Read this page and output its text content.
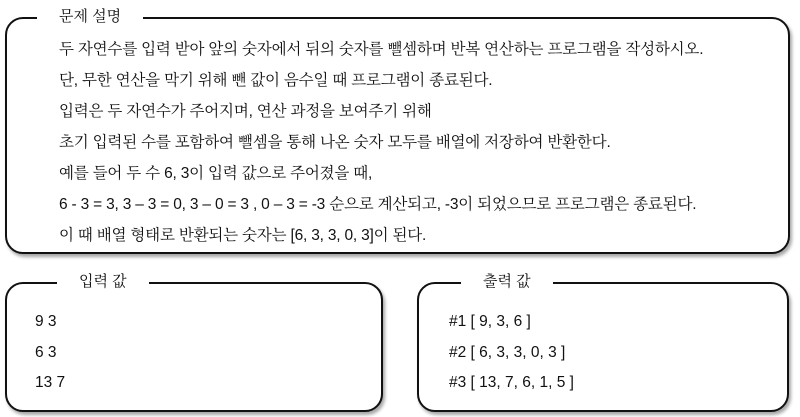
문제 설명
두 자연수를 입력 받아 앞의 숫자에서 뒤의 숫자를 뺄셈하며 반복 연산하는 프로그램을 작성하시오.
단, 무한 연산을 막기 위해 뺀 값이 음수일 때 프로그램이 종료된다.
입력은 두 자연수가 주어지며, 연산 과정을 보여주기 위해
초기 입력된 수를 포함하여 뺄셈을 통해 나온 숫자 모두를 배열에 저장하여 반환한다.
예를 들어 두 수 6, 3이 입력 값으로 주어졌을 때,
6 - 3 = 3, 3 – 3 = 0, 3 – 0 = 3 , 0 – 3 = -3 순으로 계산되고, -3이 되었으므로 프로그램은 종료된다.
이 때 배열 형태로 반환되는 숫자는 [6, 3, 3, 0, 3]이 된다.
입력 값
9 3
6 3
13 7
출력 값
#1 [ 9, 3, 6 ]
#2 [ 6, 3, 3, 0, 3 ]
#3 [ 13, 7, 6, 1, 5 ]
